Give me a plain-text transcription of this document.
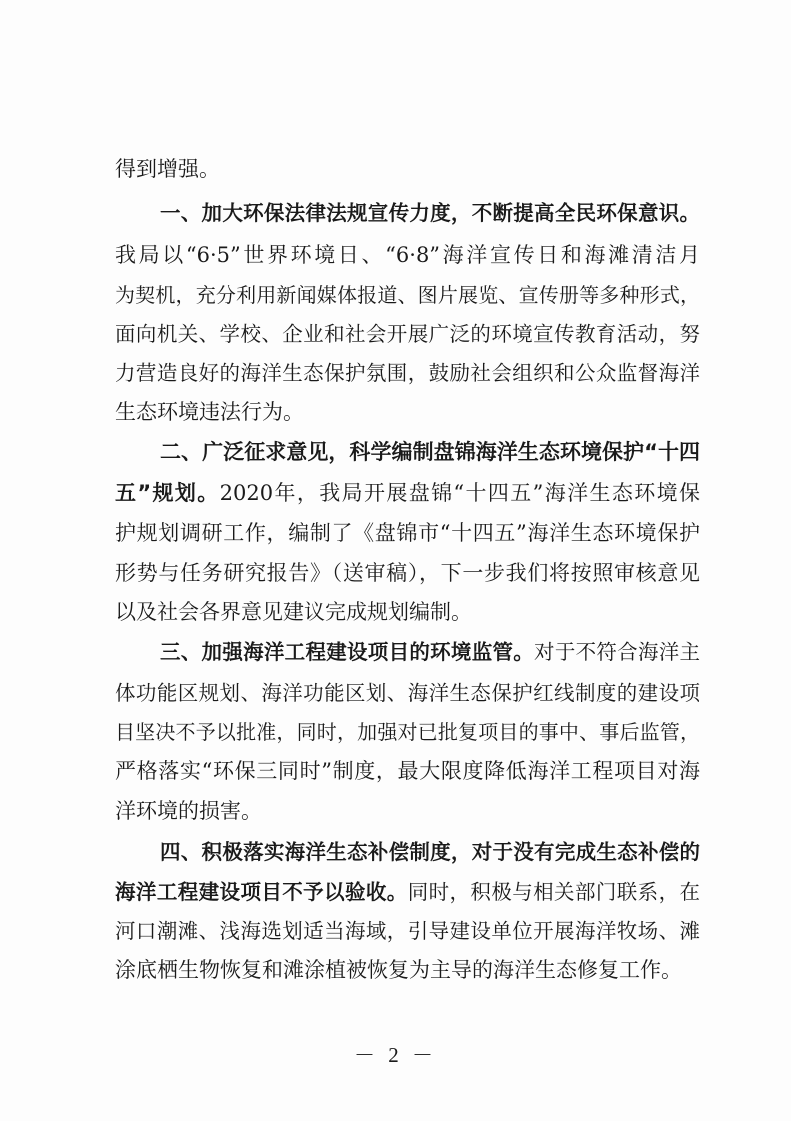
得到增强。
一、加大环保法律法规宣传力度，不断提高全民环保意识。
我局以“6·5”世界环境日、“6·8”海洋宣传日和海滩清洁月
为契机，充分利用新闻媒体报道、图片展览、宣传册等多种形式，
面向机关、学校、企业和社会开展广泛的环境宣传教育活动，努
力营造良好的海洋生态保护氛围，鼓励社会组织和公众监督海洋
生态环境违法行为。
二、广泛征求意见，科学编制盘锦海洋生态环境保护“十四
五”规划。2020年，我局开展盘锦“十四五”海洋生态环境保
护规划调研工作，编制了《盘锦市“十四五”海洋生态环境保护
形势与任务研究报告》（送审稿），下一步我们将按照审核意见
以及社会各界意见建议完成规划编制。
三、加强海洋工程建设项目的环境监管。对于不符合海洋主
体功能区规划、海洋功能区划、海洋生态保护红线制度的建设项
目坚决不予以批准，同时，加强对已批复项目的事中、事后监管，
严格落实“环保三同时”制度，最大限度降低海洋工程项目对海
洋环境的损害。
四、积极落实海洋生态补偿制度，对于没有完成生态补偿的
海洋工程建设项目不予以验收。同时，积极与相关部门联系，在
河口潮滩、浅海选划适当海域，引导建设单位开展海洋牧场、滩
涂底栖生物恢复和滩涂植被恢复为主导的海洋生态修复工作。
－ 2 －
